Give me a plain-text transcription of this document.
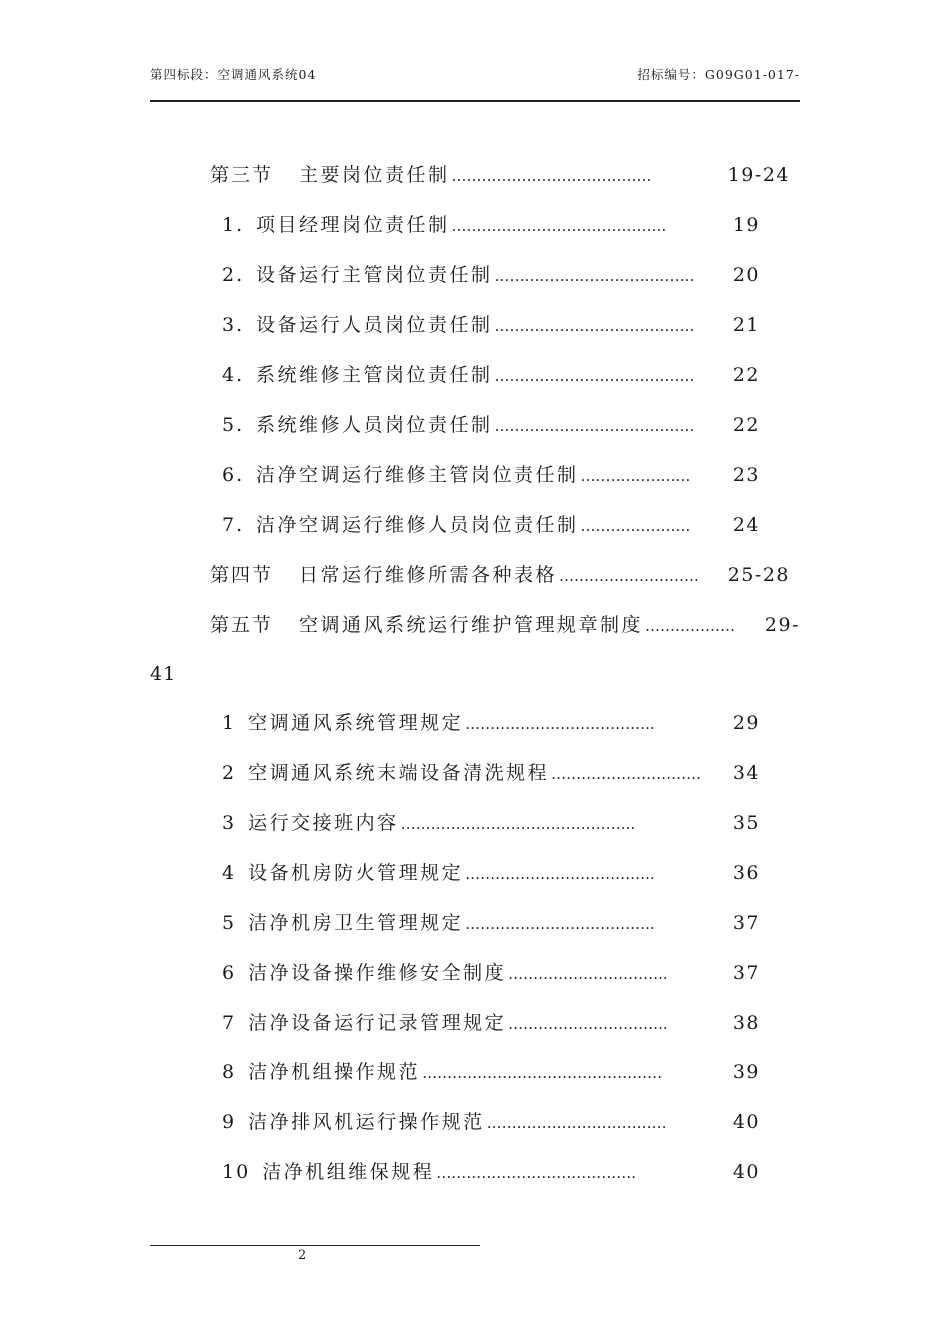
第四标段：空调通风系统04	招标编号：G09G01-017-
第三节 主要岗位责任制 ………………………………….	19-24
1. 项目经理岗位责任制 …………………………………….	19
2. 设备运行主管岗位责任制 ………………………………….	20
3. 设备运行人员岗位责任制 ………………………………….	21
4. 系统维修主管岗位责任制 ………………………………….	22
5. 系统维修人员岗位责任制 ………………………………….	22
6. 洁净空调运行维修主管岗位责任制 ………………….	23
7. 洁净空调运行维修人员岗位责任制 ………………….	24
第四节 日常运行维修所需各种表格 ……………………….	25-28
第五节 空调通风系统运行维护管理规章制度 ………………	29-
41
1 空调通风系统管理规定 ………………………………..	29
2 空调通风系统末端设备清洗规程 …………………………	34
3 运行交接班内容 ………………………………………..	35
4 设备机房防火管理规定 ………………………………..	36
5 洁净机房卫生管理规定 ………………………………..	37
6 洁净设备操作维修安全制度 …………………………..	37
7 洁净设备运行记录管理规定 …………………………..	38
8 洁净机组操作规范 …………………………………………	39
9 洁净排风机运行操作规范 ………………………………	40
10 洁净机组维保规程 ………………………………….	40
2
